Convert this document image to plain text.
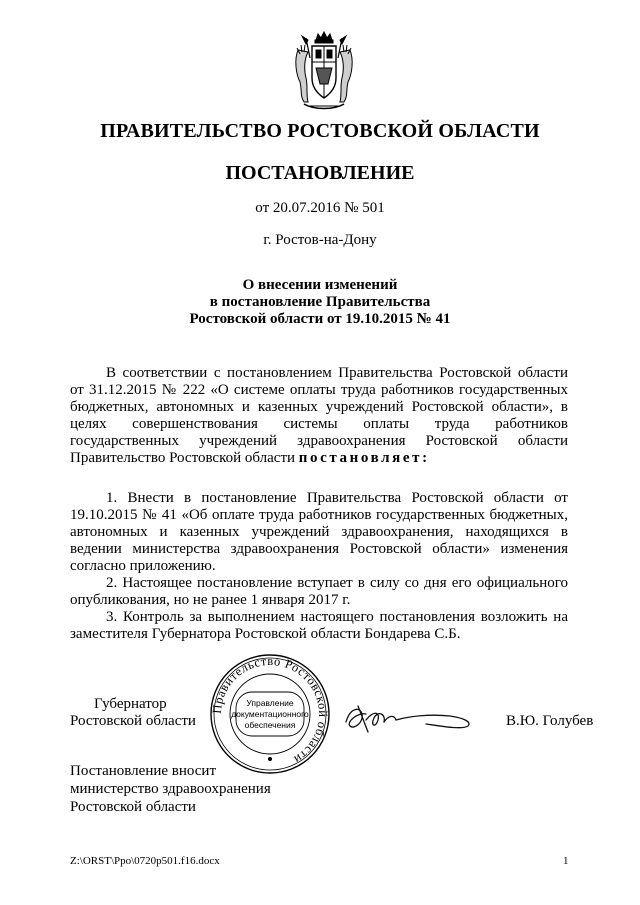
ПРАВИТЕЛЬСТВО РОСТОВСКОЙ ОБЛАСТИ
ПОСТАНОВЛЕНИЕ
от 20.07.2016 № 501
г. Ростов-на-Дону
О внесении изменений
в постановление Правительства
Ростовской области от 19.10.2015 № 41

В соответствии с постановлением Правительства Ростовской области от 31.12.2015 № 222 «О системе оплаты труда работников государственных бюджетных, автономных и казенных учреждений Ростовской области», в целях совершенствования системы оплаты труда работников государственных учреждений здравоохранения Ростовской области Правительство Ростовской области постановляет:

1. Внести в постановление Правительства Ростовской области от 19.10.2015 № 41 «Об оплате труда работников государственных бюджетных, автономных и казенных учреждений здравоохранения, находящихся в ведении министерства здравоохранения Ростовской области» изменения согласно приложению.

2. Настоящее постановление вступает в силу со дня его официального опубликования, но не ранее 1 января 2017 г.

3. Контроль за выполнением настоящего постановления возложить на заместителя Губернатора Ростовской области Бондарева С.Б.

Губернатор
Ростовской области
Правительство Ростовской области
Управление
документационного
обеспечения	В.Ю. Голубев
Постановление вносит
министерство здравоохранения
Ростовской области
Z:\ORST\Ppo\0720p501.f16.docx	1
